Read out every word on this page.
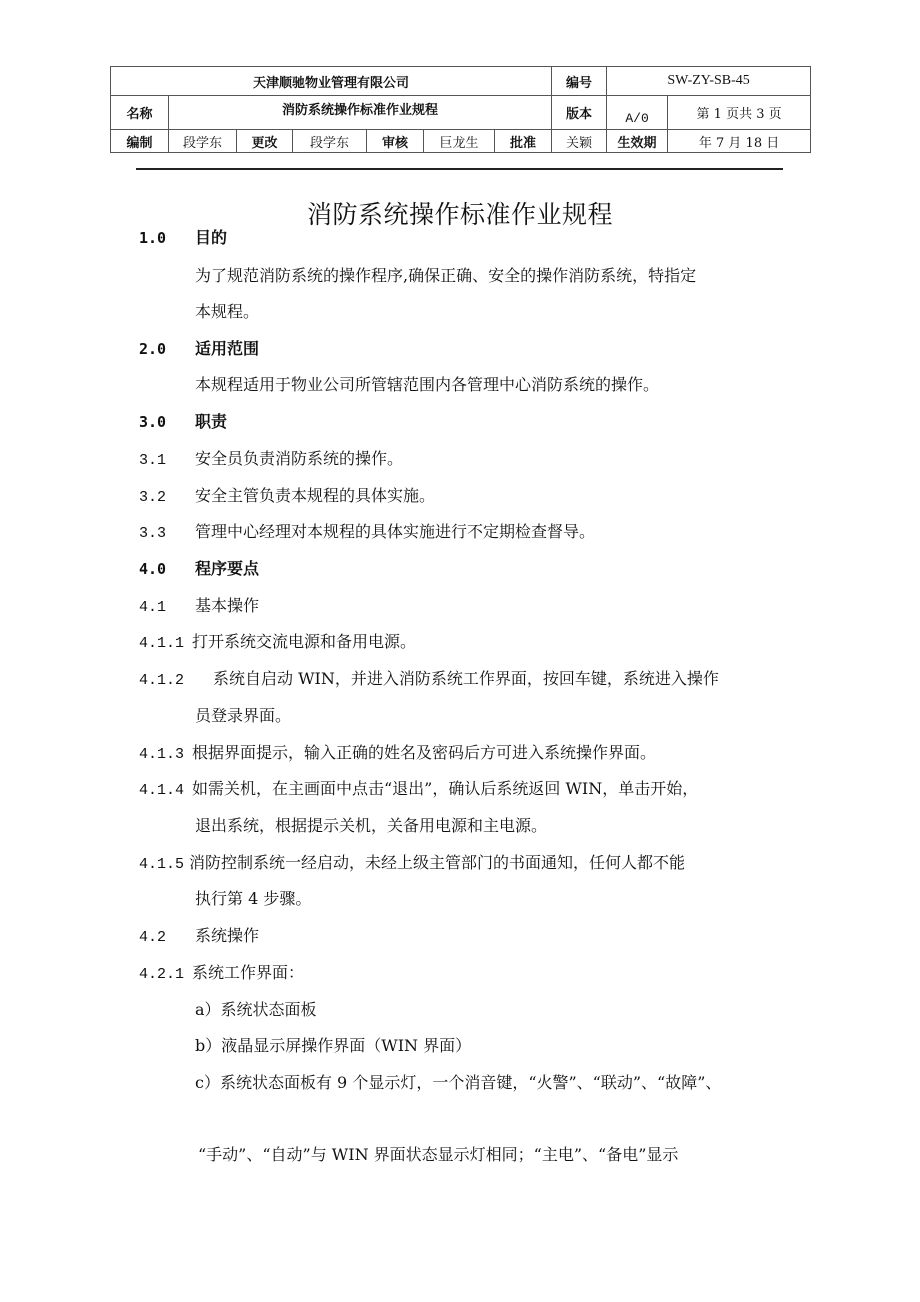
天津顺驰物业管理有限公司							编号	SW-ZY-SB-45	
名称	消防系统操作标准作业规程						版本	A/0	第 1 页共 3 页
编制	段学东	更改	段学东	审核	巨龙生	批准	关颖	生效期	年 7 月 18 日
消防系统操作标准作业规程
1.0 目的
为了规范消防系统的操作程序,确保正确、安全的操作消防系统，特指定
本规程。
2.0 适用范围
本规程适用于物业公司所管辖范围内各管理中心消防系统的操作。
3.0 职责
3.1 安全员负责消防系统的操作。
3.2 安全主管负责本规程的具体实施。
3.3 管理中心经理对本规程的具体实施进行不定期检查督导。
4.0 程序要点
4.1 基本操作
4.1.1 打开系统交流电源和备用电源。
4.1.2 系统自启动 WIN，并进入消防系统工作界面，按回车键，系统进入操作
员登录界面。
4.1.3 根据界面提示，输入正确的姓名及密码后方可进入系统操作界面。
4.1.4 如需关机，在主画面中点击“退出”，确认后系统返回 WIN，单击开始，
退出系统，根据提示关机，关备用电源和主电源。
4.1.5 消防控制系统一经启动，未经上级主管部门的书面通知，任何人都不能
执行第 4 步骤。
4.2 系统操作
4.2.1 系统工作界面：
a）系统状态面板
b）液晶显示屏操作界面（WIN 界面）
c）系统状态面板有 9 个显示灯，一个消音键，“火警”、“联动”、“故障”、
“手动”、“自动”与 WIN 界面状态显示灯相同；“主电”、“备电”显示
